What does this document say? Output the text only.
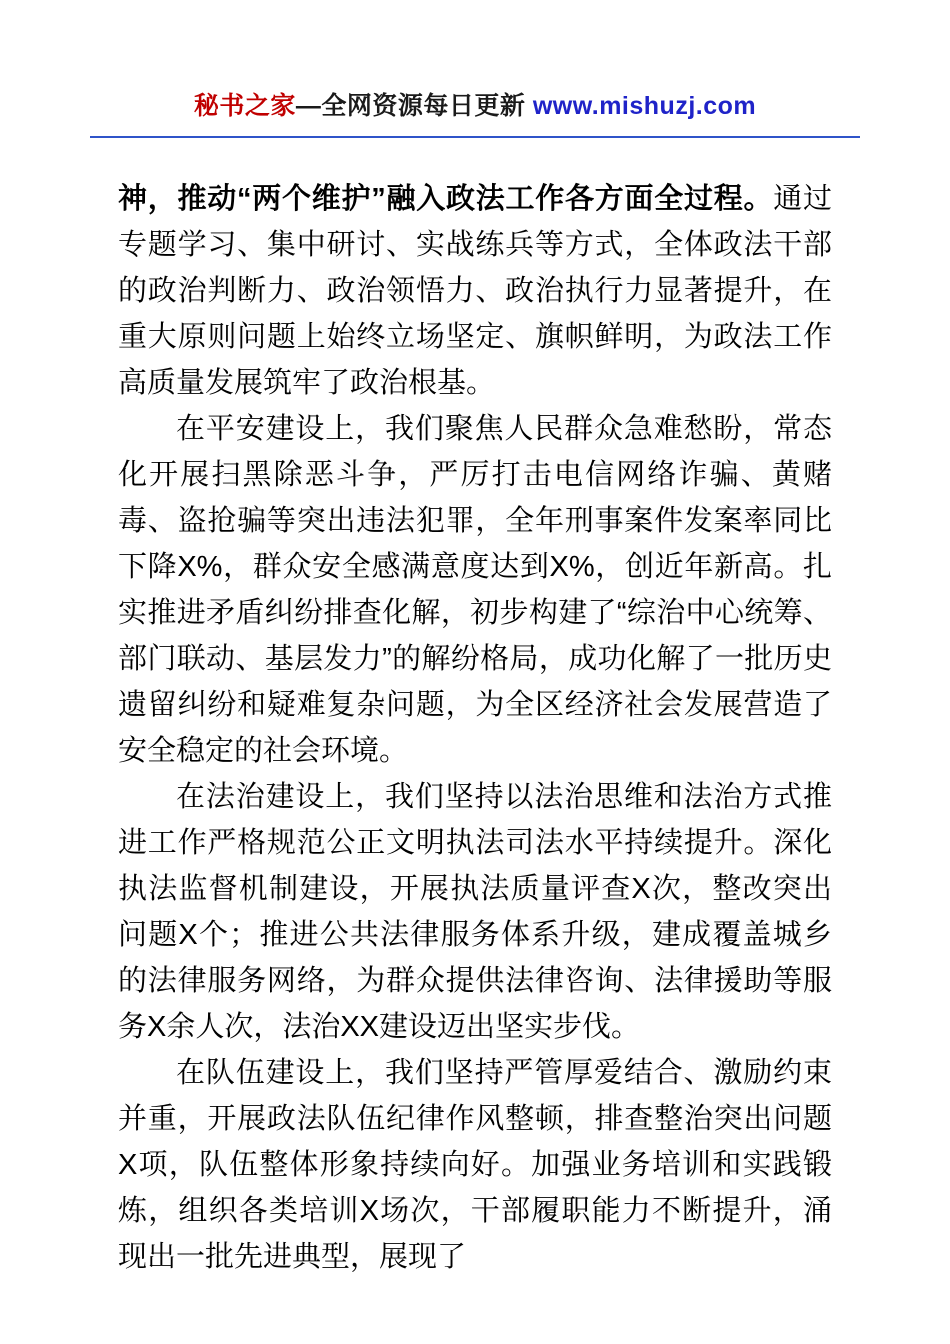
秘书之家—全网资源每日更新 www.mishuzj.com

神，推动“两个维护”融入政法工作各方面全过程。通过专题学习、集中研讨、实战练兵等方式，全体政法干部的政治判断力、政治领悟力、政治执行力显著提升，在重大原则问题上始终立场坚定、旗帜鲜明，为政法工作高质量发展筑牢了政治根基。

在平安建设上，我们聚焦人民群众急难愁盼，常态化开展扫黑除恶斗争，严厉打击电信网络诈骗、黄赌毒、盗抢骗等突出违法犯罪，全年刑事案件发案率同比下降X%，群众安全感满意度达到X%，创近年新高。扎实推进矛盾纠纷排查化解，初步构建了“综治中心统筹、部门联动、基层发力”的解纷格局，成功化解了一批历史遗留纠纷和疑难复杂问题，为全区经济社会发展营造了安全稳定的社会环境。

在法治建设上，我们坚持以法治思维和法治方式推进工作严格规范公正文明执法司法水平持续提升。深化执法监督机制建设，开展执法质量评查X次，整改突出问题X个；推进公共法律服务体系升级，建成覆盖城乡的法律服务网络，为群众提供法律咨询、法律援助等服务X余人次，法治XX建设迈出坚实步伐。

在队伍建设上，我们坚持严管厚爱结合、激励约束并重，开展政法队伍纪律作风整顿，排查整治突出问题X项，队伍整体形象持续向好。加强业务培训和实践锻炼，组织各类培训X场次，干部履职能力不断提升，涌现出一批先进典型，展现了
